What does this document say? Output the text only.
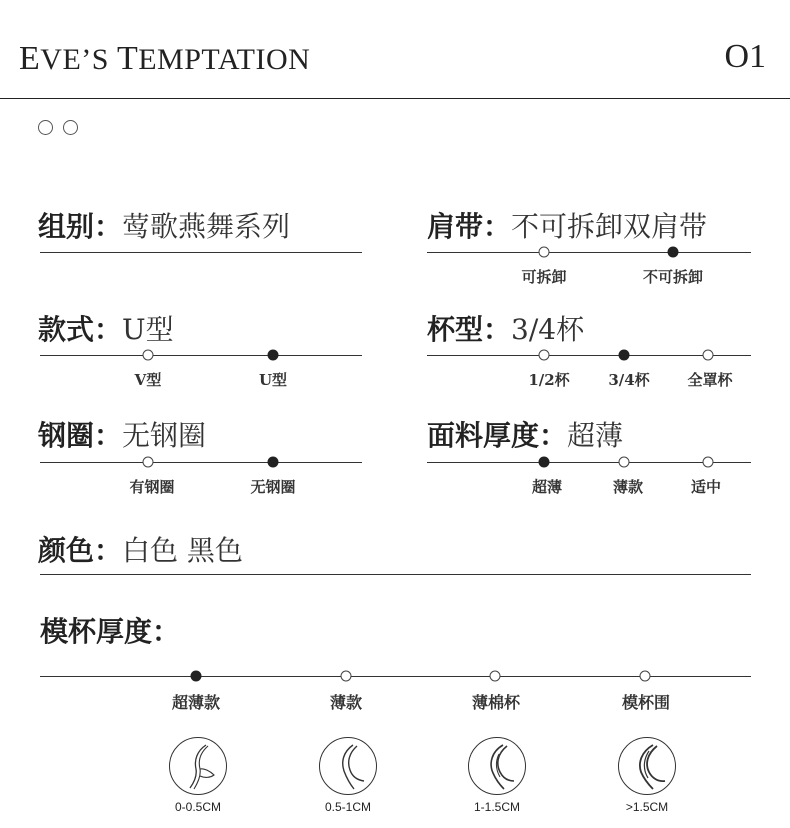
EVE’S TEMPTATION	O1
组别：莺歌燕舞系列	肩带：不可拆卸双肩带
可拆卸	不可拆卸
款式：U型
V型	U型
杯型：3/4杯
1/2杯	3/4杯	全罩杯
钢圈：无钢圈
有钢圈	无钢圈
面料厚度：超薄
超薄	薄款	适中
颜色：白色 黑色
模杯厚度：
超薄款	薄款	薄棉杯	模杯围
0-0.5CM	0.5-1CM	1-1.5CM	>1.5CM
